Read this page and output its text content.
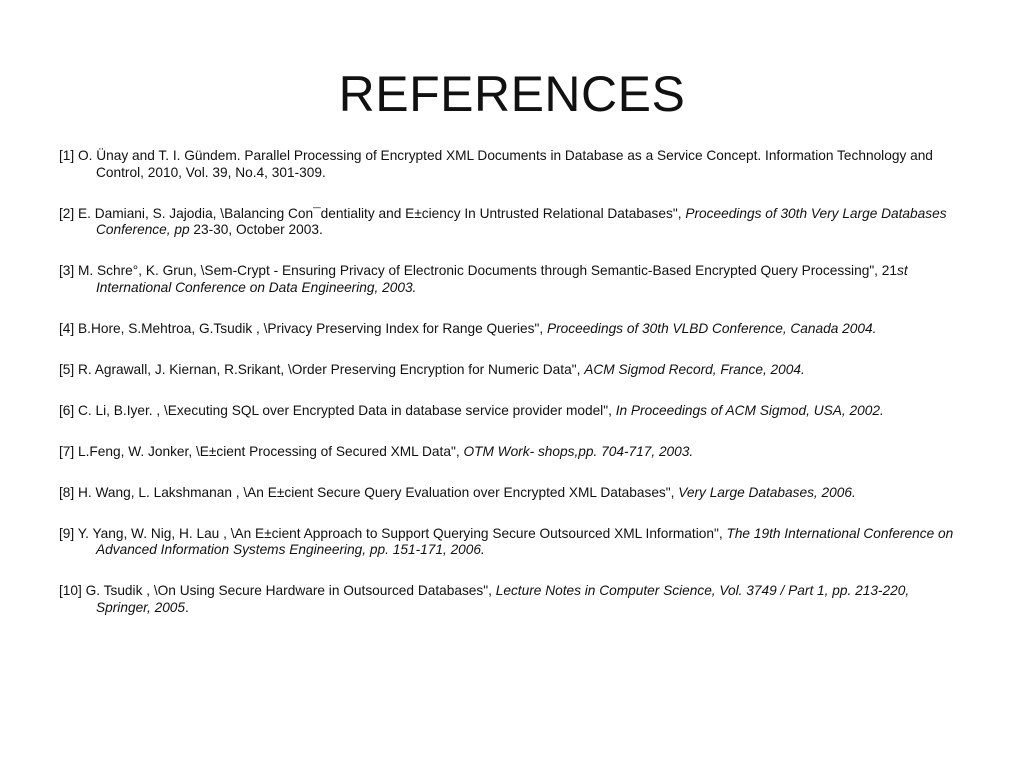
REFERENCES
[1] O. Ünay and T. I. Gündem. Parallel Processing of Encrypted XML Documents in Database as a Service Concept. Information Technology and Control, 2010, Vol. 39, No.4, 301-309.
[2] E. Damiani, S. Jajodia, \Balancing Con¯dentiality and E±ciency In Untrusted Relational Databases", Proceedings of 30th Very Large Databases Conference, pp 23-30, October 2003.
[3] M. Schre°, K. Grun, \Sem-Crypt - Ensuring Privacy of Electronic Documents through Semantic-Based Encrypted Query Processing", 21st International Conference on Data Engineering, 2003.
[4] B.Hore, S.Mehtroa, G.Tsudik , \Privacy Preserving Index for Range Queries", Proceedings of 30th VLBD Conference, Canada 2004.
[5] R. Agrawall, J. Kiernan, R.Srikant, \Order Preserving Encryption for Numeric Data", ACM Sigmod Record, France, 2004.
[6] C. Li, B.Iyer. , \Executing SQL over Encrypted Data in database service provider model", In Proceedings of ACM Sigmod, USA, 2002.
[7] L.Feng, W. Jonker, \E±cient Processing of Secured XML Data", OTM Work- shops,pp. 704-717, 2003.
[8] H. Wang, L. Lakshmanan , \An E±cient Secure Query Evaluation over Encrypted XML Databases", Very Large Databases, 2006.
[9] Y. Yang, W. Nig, H. Lau , \An E±cient Approach to Support Querying Secure Outsourced XML Information", The 19th International Conference on Advanced Information Systems Engineering, pp. 151-171, 2006.
[10] G. Tsudik , \On Using Secure Hardware in Outsourced Databases", Lecture Notes in Computer Science, Vol. 3749 / Part 1, pp. 213-220, Springer, 2005.
